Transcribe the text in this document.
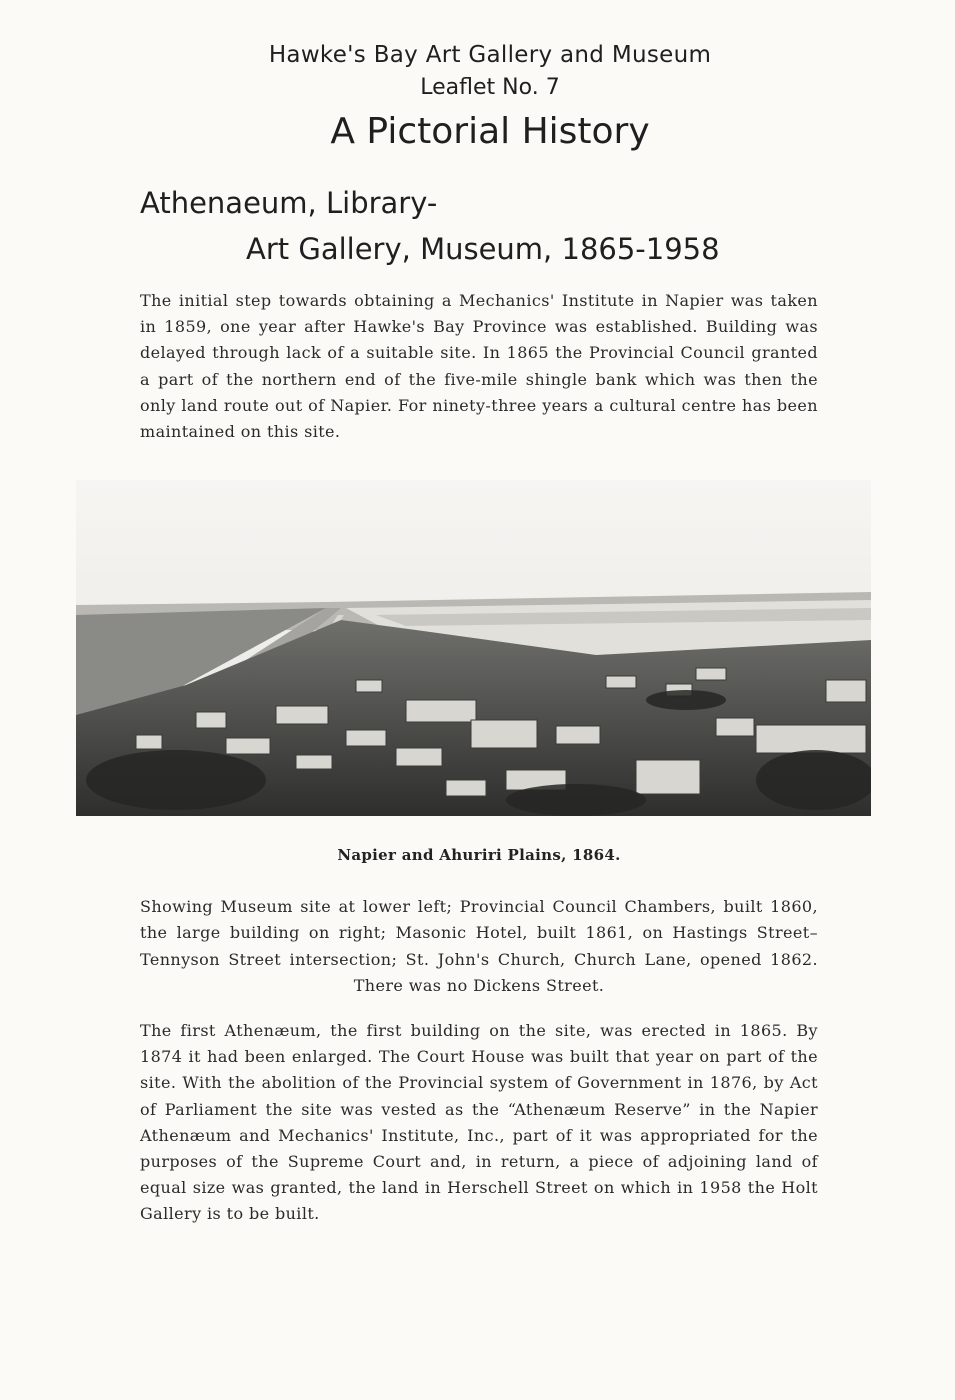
Hawke's Bay Art Gallery and Museum
Leaflet No. 7
A Pictorial History
Athenaeum, Library-
Art Gallery, Museum, 1865-1958

The initial step towards obtaining a Mechanics' Institute in Napier was taken in 1859, one year after Hawke's Bay Province was established. Building was delayed through lack of a suitable site. In 1865 the Provincial Council granted a part of the northern end of the five-mile shingle bank which was then the only land route out of Napier. For ninety-three years a cultural centre has been maintained on this site.

Napier and Ahuriri Plains, 1864.

Showing Museum site at lower left; Provincial Council Chambers, built 1860, the large building on right; Masonic Hotel, built 1861, on Hastings Street–Tennyson Street intersection; St. John's Church, Church Lane, opened 1862. There was no Dickens Street.

The first Athenæum, the first building on the site, was erected in 1865. By 1874 it had been enlarged. The Court House was built that year on part of the site. With the abolition of the Provincial system of Government in 1876, by Act of Parliament the site was vested as the “Athenæum Reserve” in the Napier Athenæum and Mechanics' Institute, Inc., part of it was appropriated for the purposes of the Supreme Court and, in return, a piece of adjoining land of equal size was granted, the land in Herschell Street on which in 1958 the Holt Gallery is to be built.
